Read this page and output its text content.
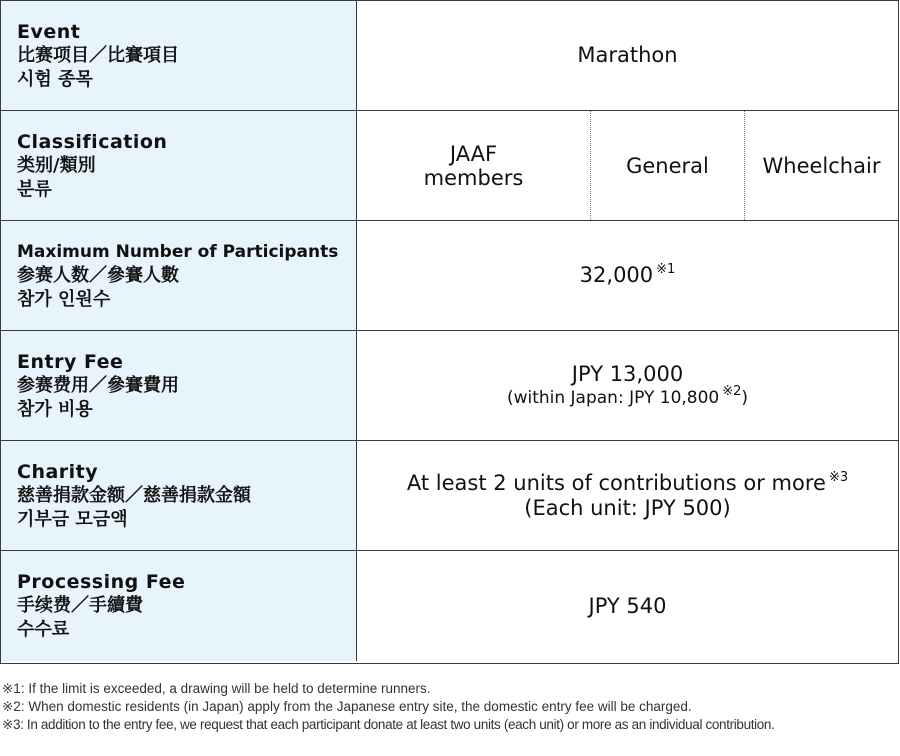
Event
比赛项目／比賽項目
시험 종목
Marathon
Classification
类别/類別
분류
JAAF members	General	Wheelchair
Maximum Number of Participants
参赛人数／參賽人數
참가 인원수
32,000 $^{※1}$
Entry Fee
参赛费用／參賽費用
참가 비용
JPY 13,000
(within Japan: JPY 10,800 $^{※2}$)
Charity
慈善捐款金额／慈善捐款金額
기부금 모금액
At least 2 units of contributions or more $^{※3}$
(Each unit: JPY 500)
Processing Fee
手续费／手續費
수수료
JPY 540
※1: If the limit is exceeded, a drawing will be held to determine runners.
※2: When domestic residents (in Japan) apply from the Japanese entry site, the domestic entry fee will be charged.
※3: In addition to the entry fee, we request that each participant donate at least two units (each unit) or more as an individual contribution.
